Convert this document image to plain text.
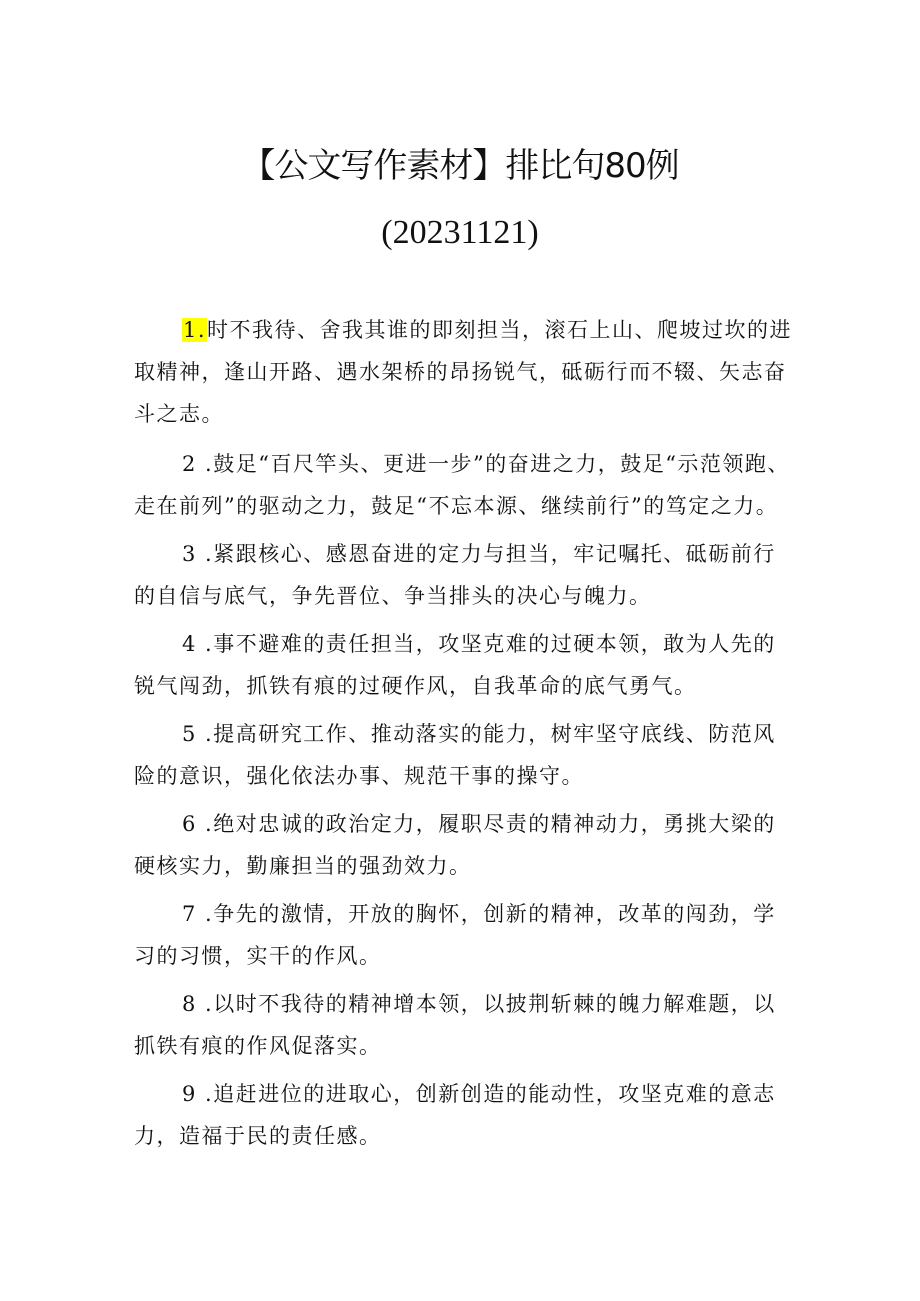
【公文写作素材】排比句80例
(20231121)

1.时不我待、舍我其谁的即刻担当，滚石上山、爬坡过坎的进取精神，逢山开路、遇水架桥的昂扬锐气，砥砺行而不辍、矢志奋斗之志。

2 .鼓足“百尺竿头、更进一步”的奋进之力，鼓足“示范领跑、走在前列”的驱动之力，鼓足“不忘本源、继续前行”的笃定之力。

3 .紧跟核心、感恩奋进的定力与担当，牢记嘱托、砥砺前行的自信与底气，争先晋位、争当排头的决心与魄力。

4 .事不避难的责任担当，攻坚克难的过硬本领，敢为人先的锐气闯劲，抓铁有痕的过硬作风，自我革命的底气勇气。

5 .提高研究工作、推动落实的能力，树牢坚守底线、防范风险的意识，强化依法办事、规范干事的操守。

6 .绝对忠诚的政治定力，履职尽责的精神动力，勇挑大梁的硬核实力，勤廉担当的强劲效力。

7 .争先的激情，开放的胸怀，创新的精神，改革的闯劲，学习的习惯，实干的作风。

8 .以时不我待的精神增本领，以披荆斩棘的魄力解难题，以抓铁有痕的作风促落实。

9 .追赶进位的进取心，创新创造的能动性，攻坚克难的意志力，造福于民的责任感。
